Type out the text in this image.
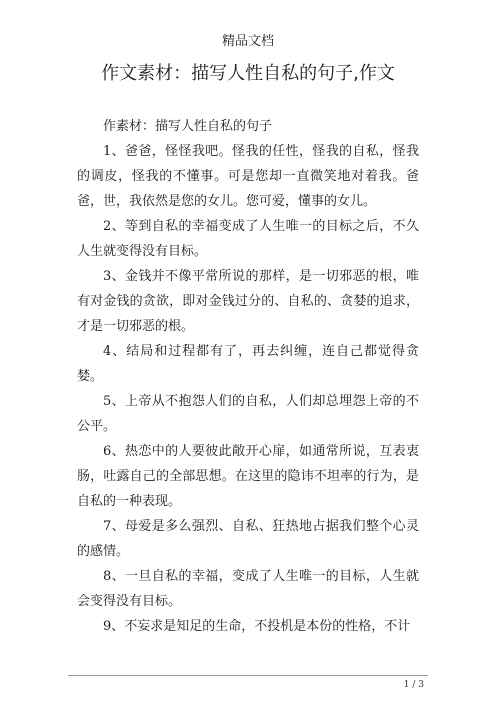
精品文档
作文素材：描写人性自私的句子,作文

作素材：描写人性自私的句子

1、爸爸，怪怪我吧。怪我的任性，怪我的自私，怪我的调皮，怪我的不懂事。可是您却一直微笑地对着我。爸爸，世，我依然是您的女儿。您可爱，懂事的女儿。

2、等到自私的幸福变成了人生唯一的目标之后，不久人生就变得没有目标。

3、金钱并不像平常所说的那样，是一切邪恶的根，唯有对金钱的贪欲，即对金钱过分的、自私的、贪婪的追求，才是一切邪恶的根。

4、结局和过程都有了，再去纠缠，连自己都觉得贪婪。

5、上帝从不抱怨人们的自私，人们却总埋怨上帝的不公平。

6、热恋中的人要彼此敞开心扉，如通常所说，互表衷肠，吐露自己的全部思想。在这里的隐讳不坦率的行为，是自私的一种表现。

7、母爱是多么强烈、自私、狂热地占据我们整个心灵的感情。

8、一旦自私的幸福，变成了人生唯一的目标，人生就会变得没有目标。

9、不妄求是知足的生命，不投机是本份的性格，不计

1 / 3
